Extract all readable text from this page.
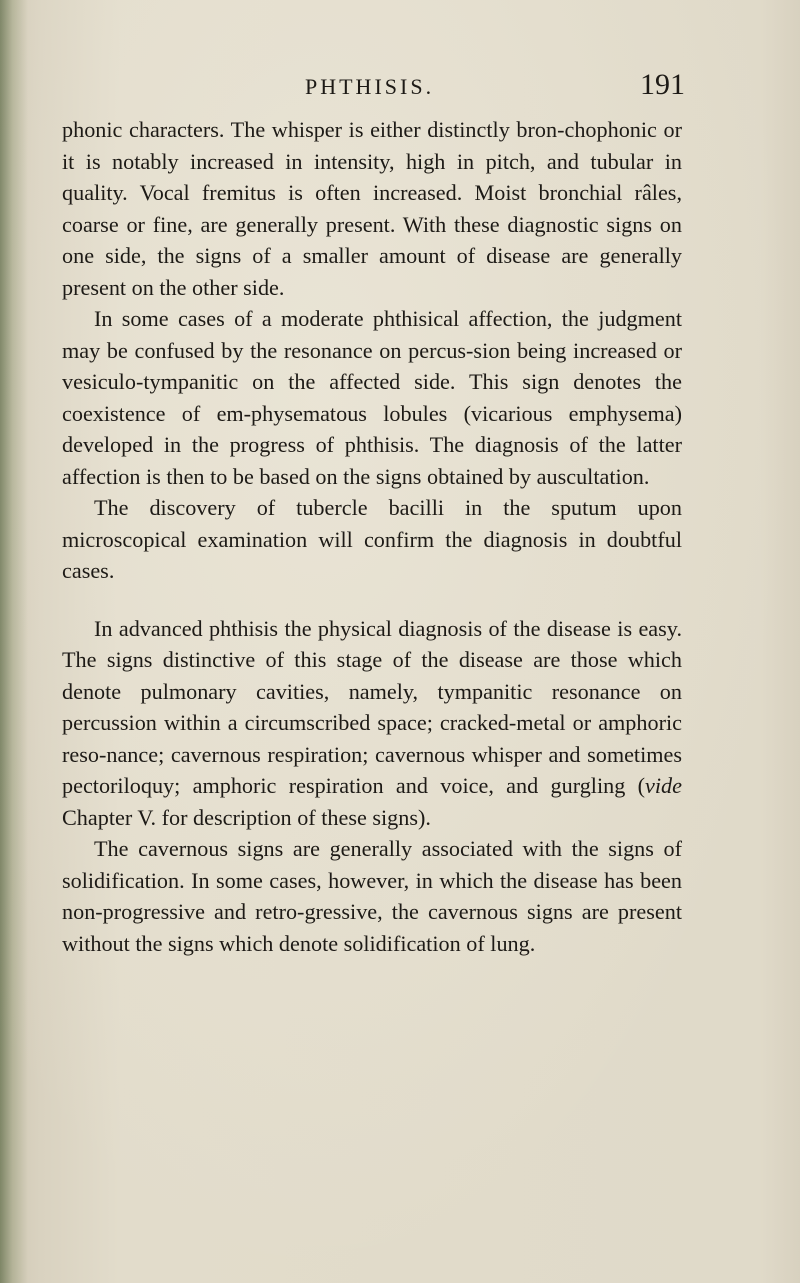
PHTHISIS.	191

phonic characters. The whisper is either distinctly bron-chophonic or it is notably increased in intensity, high in pitch, and tubular in quality. Vocal fremitus is often increased. Moist bronchial râles, coarse or fine, are generally present. With these diagnostic signs on one side, the signs of a smaller amount of disease are generally present on the other side.

In some cases of a moderate phthisical affection, the judgment may be confused by the resonance on percus-sion being increased or vesiculo-tympanitic on the affected side. This sign denotes the coexistence of em-physematous lobules (vicarious emphysema) developed in the progress of phthisis. The diagnosis of the latter affection is then to be based on the signs obtained by auscultation.

The discovery of tubercle bacilli in the sputum upon microscopical examination will confirm the diagnosis in doubtful cases.

In advanced phthisis the physical diagnosis of the disease is easy. The signs distinctive of this stage of the disease are those which denote pulmonary cavities, namely, tympanitic resonance on percussion within a circumscribed space; cracked-metal or amphoric reso-nance; cavernous respiration; cavernous whisper and sometimes pectoriloquy; amphoric respiration and voice, and gurgling (vide Chapter V. for description of these signs).

The cavernous signs are generally associated with the signs of solidification. In some cases, however, in which the disease has been non-progressive and retro-gressive, the cavernous signs are present without the signs which denote solidification of lung.
